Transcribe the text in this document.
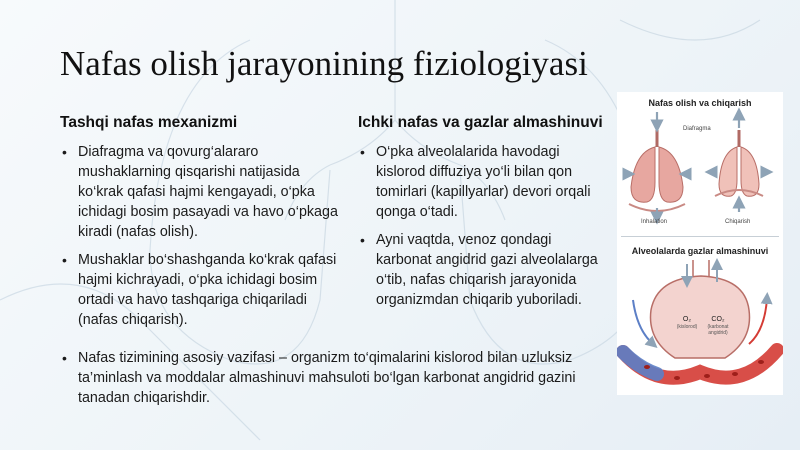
Nafas olish jarayonining fiziologiyasi
Tashqi nafas mexanizmi
• Diafragma va qovurg‘alararo mushaklarning qisqarishi natijasida ko‘krak qafasi hajmi kengayadi, o‘pka ichidagi bosim pasayadi va havo o‘pkaga kiradi (nafas olish).
• Mushaklar bo‘shashganda ko‘krak qafasi hajmi kichrayadi, o‘pka ichidagi bosim ortadi va havo tashqariga chiqariladi (nafas chiqarish).
Ichki nafas va gazlar almashinuvi
• O‘pka alveolalarida havodagi kislorod diffuziya yo‘li bilan qon tomirlari (kapillyarlar) devori orqali qonga o‘tadi.
• Ayni vaqtda, venoz qondagi karbonat angidrid gazi alveolalarga o‘tib, nafas chiqarish jarayonida organizmdan chiqarib yuboriladi.
• Nafas tizimining asosiy vazifasi – organizm to‘qimalarini kislorod bilan uzluksiz ta’minlash va moddalar almashinuvi mahsuloti bo‘lgan karbonat angidrid gazini tanadan chiqarishdir.
Nafas olish va chiqarish
Diafragma
Inhalation	Chiqarish
Alveolalarda gazlar almashinuvi
O₂
(kislorod)
CO₂
(karbonat angidrid)
